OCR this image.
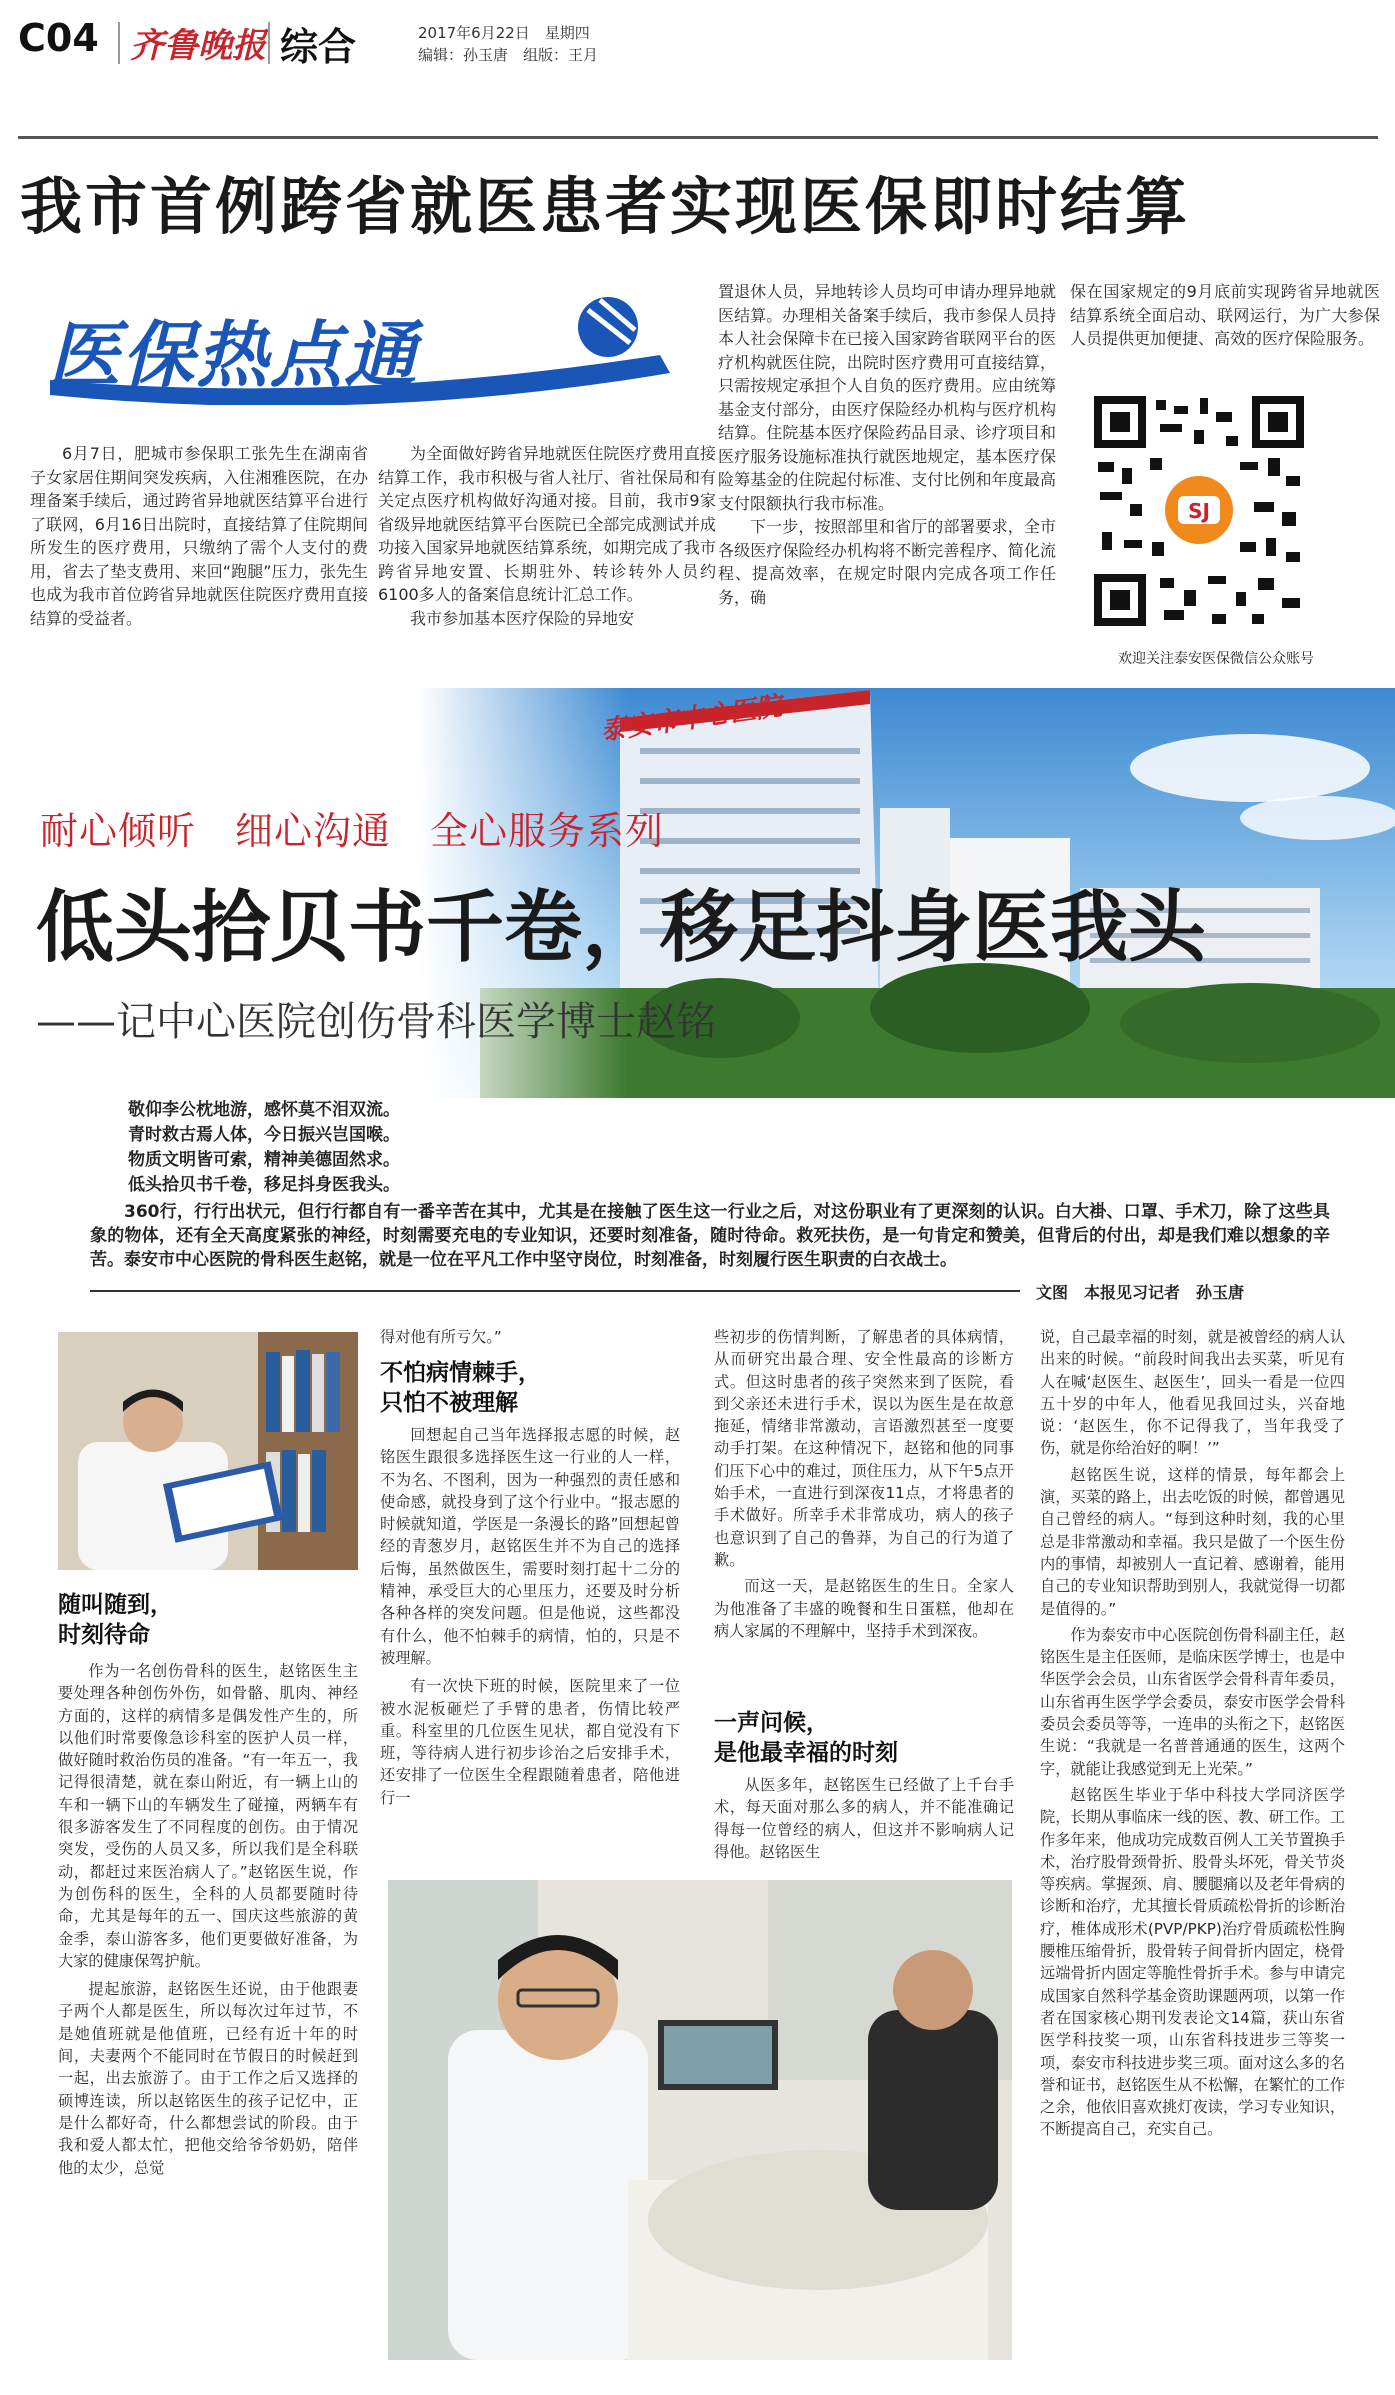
C04 齐鲁晚报 综合	2017年6月22日　星期四
编辑：孙玉唐　组版：王月
我市首例跨省就医患者实现医保即时结算
医保热点通

6月7日，肥城市参保职工张先生在湖南省子女家居住期间突发疾病，入住湘雅医院，在办理备案手续后，通过跨省异地就医结算平台进行了联网，6月16日出院时，直接结算了住院期间所发生的医疗费用，只缴纳了需个人支付的费用，省去了垫支费用、来回“跑腿”压力，张先生也成为我市首位跨省异地就医住院医疗费用直接结算的受益者。

为全面做好跨省异地就医住院医疗费用直接结算工作，我市积极与省人社厅、省社保局和有关定点医疗机构做好沟通对接。目前，我市9家省级异地就医结算平台医院已全部完成测试并成功接入国家异地就医结算系统，如期完成了我市跨省异地安置、长期驻外、转诊转外人员约6100多人的备案信息统计汇总工作。

我市参加基本医疗保险的异地安

置退休人员，异地转诊人员均可申请办理异地就医结算。办理相关备案手续后，我市参保人员持本人社会保障卡在已接入国家跨省联网平台的医疗机构就医住院，出院时医疗费用可直接结算，只需按规定承担个人自负的医疗费用。应由统筹基金支付部分，由医疗保险经办机构与医疗机构结算。住院基本医疗保险药品目录、诊疗项目和医疗服务设施标准执行就医地规定，基本医疗保险筹基金的住院起付标准、支付比例和年度最高支付限额执行我市标准。

下一步，按照部里和省厅的部署要求，全市各级医疗保险经办机构将不断完善程序、简化流程、提高效率，在规定时限内完成各项工作任务，确

保在国家规定的9月底前实现跨省异地就医结算系统全面启动、联网运行，为广大参保人员提供更加便捷、高效的医疗保险服务。

SJ
欢迎关注泰安医保微信公众账号
泰安市中心医院
耐心倾听　细心沟通　全心服务系列
低头拾贝书千卷，移足抖身医我头
——记中心医院创伤骨科医学博士赵铭
敬仰李公枕地游，感怀莫不泪双流。
青时救古焉人体，今日振兴岂国喉。
物质文明皆可索，精神美德固然求。
低头拾贝书千卷，移足抖身医我头。
360行，行行出状元，但行行都自有一番辛苦在其中，尤其是在接触了医生这一行业之后，对这份职业有了更深刻的认识。白大褂、口罩、手术刀，除了这些具象的物体，还有全天高度紧张的神经，时刻需要充电的专业知识，还要时刻准备，随时待命。救死扶伤，是一句肯定和赞美，但背后的付出，却是我们难以想象的辛苦。泰安市中心医院的骨科医生赵铭，就是一位在平凡工作中坚守岗位，时刻准备，时刻履行医生职责的白衣战士。
文图　本报见习记者　孙玉唐
随叫随到，
时刻待命

作为一名创伤骨科的医生，赵铭医生主要处理各种创伤外伤，如骨骼、肌肉、神经方面的，这样的病情多是偶发性产生的，所以他们时常要像急诊科室的医护人员一样，做好随时救治伤员的准备。“有一年五一，我记得很清楚，就在泰山附近，有一辆上山的车和一辆下山的车辆发生了碰撞，两辆车有很多游客发生了不同程度的创伤。由于情况突发，受伤的人员又多，所以我们是全科联动，都赶过来医治病人了。”赵铭医生说，作为创伤科的医生，全科的人员都要随时待命，尤其是每年的五一、国庆这些旅游的黄金季，泰山游客多，他们更要做好准备，为大家的健康保驾护航。

提起旅游，赵铭医生还说，由于他跟妻子两个人都是医生，所以每次过年过节，不是她值班就是他值班，已经有近十年的时间，夫妻两个不能同时在节假日的时候赶到一起，出去旅游了。由于工作之后又选择的硕博连读，所以赵铭医生的孩子记忆中，正是什么都好奇，什么都想尝试的阶段。由于我和爱人都太忙，把他交给爷爷奶奶，陪伴他的太少，总觉

得对他有所亏欠。”
不怕病情棘手，
只怕不被理解

回想起自己当年选择报志愿的时候，赵铭医生跟很多选择医生这一行业的人一样，不为名、不图利，因为一种强烈的责任感和使命感，就投身到了这个行业中。“报志愿的时候就知道，学医是一条漫长的路”回想起曾经的青葱岁月，赵铭医生并不为自己的选择后悔，虽然做医生，需要时刻打起十二分的精神，承受巨大的心里压力，还要及时分析各种各样的突发问题。但是他说，这些都没有什么，他不怕棘手的病情，怕的，只是不被理解。

有一次快下班的时候，医院里来了一位被水泥板砸烂了手臂的患者，伤情比较严重。科室里的几位医生见状，都自觉没有下班，等待病人进行初步诊治之后安排手术，还安排了一位医生全程跟随着患者，陪他进行一

些初步的伤情判断，了解患者的具体病情，从而研究出最合理、安全性最高的诊断方式。但这时患者的孩子突然来到了医院，看到父亲还未进行手术，误以为医生是在故意拖延，情绪非常激动，言语激烈甚至一度要动手打架。在这种情况下，赵铭和他的同事们压下心中的难过，顶住压力，从下午5点开始手术，一直进行到深夜11点，才将患者的手术做好。所幸手术非常成功，病人的孩子也意识到了自己的鲁莽，为自己的行为道了歉。

而这一天，是赵铭医生的生日。全家人为他准备了丰盛的晚餐和生日蛋糕，他却在病人家属的不理解中，坚持手术到深夜。

一声问候，
是他最幸福的时刻

从医多年，赵铭医生已经做了上千台手术，每天面对那么多的病人，并不能准确记得每一位曾经的病人，但这并不影响病人记得他。赵铭医生

说，自己最幸福的时刻，就是被曾经的病人认出来的时候。“前段时间我出去买菜，听见有人在喊‘赵医生、赵医生’，回头一看是一位四五十岁的中年人，他看见我回过头，兴奋地说：‘赵医生，你不记得我了，当年我受了伤，就是你给治好的啊！’”

赵铭医生说，这样的情景，每年都会上演，买菜的路上，出去吃饭的时候，都曾遇见自己曾经的病人。“每到这种时刻，我的心里总是非常激动和幸福。我只是做了一个医生份内的事情，却被别人一直记着、感谢着，能用自己的专业知识帮助到别人，我就觉得一切都是值得的。”

作为泰安市中心医院创伤骨科副主任，赵铭医生是主任医师，是临床医学博士，也是中华医学会会员，山东省医学会骨科青年委员，山东省再生医学学会委员，泰安市医学会骨科委员会委员等等，一连串的头衔之下，赵铭医生说：“我就是一名普普通通的医生，这两个字，就能让我感觉到无上光荣。”

赵铭医生毕业于华中科技大学同济医学院，长期从事临床一线的医、教、研工作。工作多年来，他成功完成数百例人工关节置换手术，治疗股骨颈骨折、股骨头坏死，骨关节炎等疾病。掌握颈、肩、腰腿痛以及老年骨病的诊断和治疗，尤其擅长骨质疏松骨折的诊断治疗，椎体成形术(PVP/PKP)治疗骨质疏松性胸腰椎压缩骨折，股骨转子间骨折内固定，桡骨远端骨折内固定等脆性骨折手术。参与申请完成国家自然科学基金资助课题两项，以第一作者在国家核心期刊发表论文14篇，获山东省医学科技奖一项，山东省科技进步三等奖一项，泰安市科技进步奖三项。面对这么多的名誉和证书，赵铭医生从不松懈，在繁忙的工作之余，他依旧喜欢挑灯夜读，学习专业知识，不断提高自己，充实自己。
